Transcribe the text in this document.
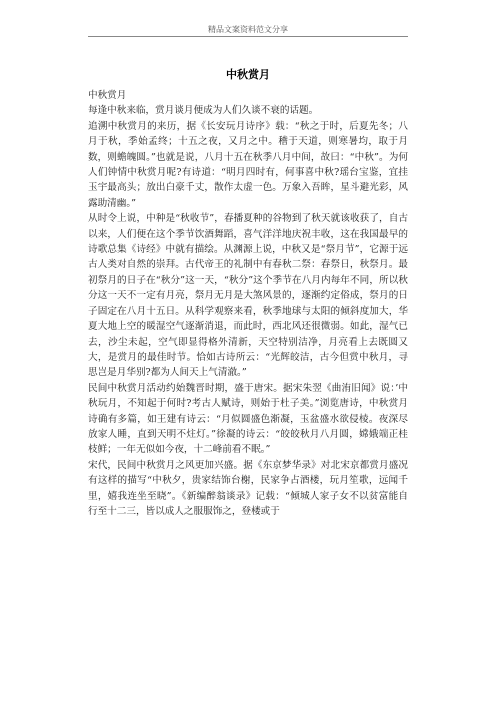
精品文案资料范文分享
中秋赏月

中秋赏月

每逢中秋来临，赏月谈月便成为人们久谈不衰的话题。

追溯中秋赏月的来历，据《长安玩月诗序》载：“秋之于时，后夏先冬；八月于秋，季始孟终；十五之夜，又月之中。稽于天道，则寒暑均，取于月数，则蟾魄圆。”也就是说，八月十五在秋季八月中间，故曰：“中秋”。为何人们钟情中秋赏月呢?有诗道：“明月四时有，何事喜中秋?瑶台宝鉴，宜挂玉宇最高头；放出白豪千丈，散作太虚一色。万象入吾眸，星斗避光彩，风露助清幽。”

从时令上说，中种是“秋收节”，春播夏种的谷物到了秋天就该收获了，自古以来，人们便在这个季节饮酒舞蹈，喜气洋洋地庆祝丰收，这在我国最早的诗歌总集《诗经》中就有描绘。从渊源上说，中秋又是“祭月节”，它源于远古人类对自然的崇拜。古代帝王的礼制中有春秋二祭：春祭日，秋祭月。最初祭月的日子在“秋分”这一天，“秋分”这个季节在八月内每年不同，所以秋分这一天不一定有月亮，祭月无月是大煞风景的，逐渐约定俗成，祭月的日子固定在八月十五日。从科学观察来看，秋季地球与太阳的倾斜度加大，华夏大地上空的暖湿空气逐渐消退，而此时，西北风还很微弱。如此，湿气已去，沙尘未起，空气即显得格外清新，天空特别洁净，月亮看上去既圆又大，是赏月的最佳时节。恰如古诗所云：“光辉皎洁，古今但赏中秋月，寻思岂是月华别?都为人间天上气清澈。”

民间中秋赏月活动约始魏晋时期，盛于唐宋。据宋朱翌《曲洧旧闻》说：’中秋玩月，不知起于何时?考古人赋诗，则始于杜子美。”浏览唐诗，中秋赏月诗确有多篇，如王建有诗云：“月似圆盛色渐凝，玉盆盛水欲侵棱。夜深尽放家人睡，直到天明不炷灯。”徐凝的诗云：“皎皎秋月八月圆，嫦娥端正桂枝鲜；一年无似如今夜，十二峰前看不眠。”

宋代，民间中秋赏月之风更加兴盛。据《东京梦华录》对北宋京都赏月盛况有这样的描写“中秋夕，贵家结饰台榭，民家争占酒楼，玩月笙歌，远闻千里，嬉我连坐至晓”。《新编醉翁谈录》记载：“倾城人家子女不以贫富能自行至十二三，皆以成人之服服饰之，登楼或于
